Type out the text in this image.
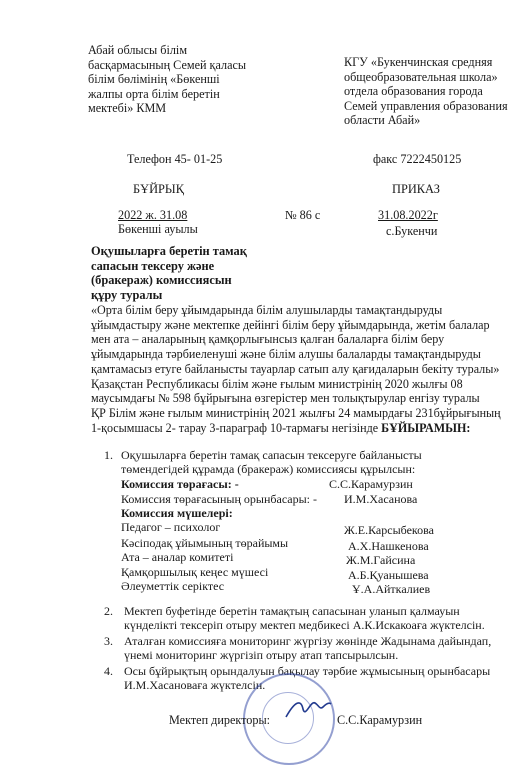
Абай облысы білім
басқармасының Семей қаласы
білім бөлімінің «Бөкеншi
жалпы орта білім беретін
мектебі» КММ
КГУ «Букенчинская средняя
общеобразовательная школа»
отдела образования города
Семей управления образования
области Абай»
Телефон 45- 01-25	факс 7222450125
БҰЙРЫҚ	ПРИКАЗ
2022 ж. 31.08	№ 86 с	31.08.2022г
Бөкенші ауылы	с.Букенчи
Оқушыларға беретін тамақ
сапасын тексеру және
(бракераж) комиссиясын
құру туралы
«Орта білім беру ұйымдарында білім алушыларды тамақтандыруды
ұйымдастыру және мектепке дейінгі білім беру ұйымдарында, жетім балалар
мен ата – аналарының қамқорлығынсыз қалған балаларға білім беру
ұйымдарында тәрбиеленуші және білім алушы балаларды тамақтандыруды
қамтамасыз етуге байланысты тауарлар сатып алу қағидаларын бекіту туралы»
Қазақстан Республикасы білім және ғылым министрінің 2020 жылғы 08
маусымдағы № 598 бұйрығына өзгерістер мен толықтырулар енгізу туралы
ҚР Білім және ғылым министрінің 2021 жылғы 24 мамырдағы 231бұйрығының
1-қосымшасы 2- тарау 3-параграф 10-тармағы негізінде БҰЙЫРАМЫН:
1. Оқушыларға беретін тамақ сапасын тексеруге байланысты
төмендегідей құрамда (бракераж) комиссиясы құрылсын:
Комиссия төрағасы: -	С.С.Карамурзин
Комиссия төрағасының орынбасары: - И.М.Хасанова
Комиссия мүшелері:
Педагог – психолог	Ж.Е.Карсыбекова
Кәсіподақ ұйымының төрайымы	А.Х.Нашкенова
Ата – аналар комитеті	Ж.М.Гайсина
Қамқоршылық кеңес мүшесі	А.Б.Қуанышева
Әлеуметтік серіктес	Ұ.А.Айткалиев
2. Мектеп буфетінде беретін тамақтың сапасынан уланып қалмауын
күнделікті тексеріп отыру мектеп медбикесі А.К.Искакоаға жүктелсін.
3. Аталған комиссияға мониторинг жүргізу жөнінде Жадынама дайындап,
үнемі мониторинг жүргізіп отыру атап тапсырылсын.
4. Осы бұйрықтың орындалуын бақылау тәрбие жұмысының орынбасары
И.М.Хасановаға жүктелсін.
Мектеп директоры:	С.С.Карамурзин
